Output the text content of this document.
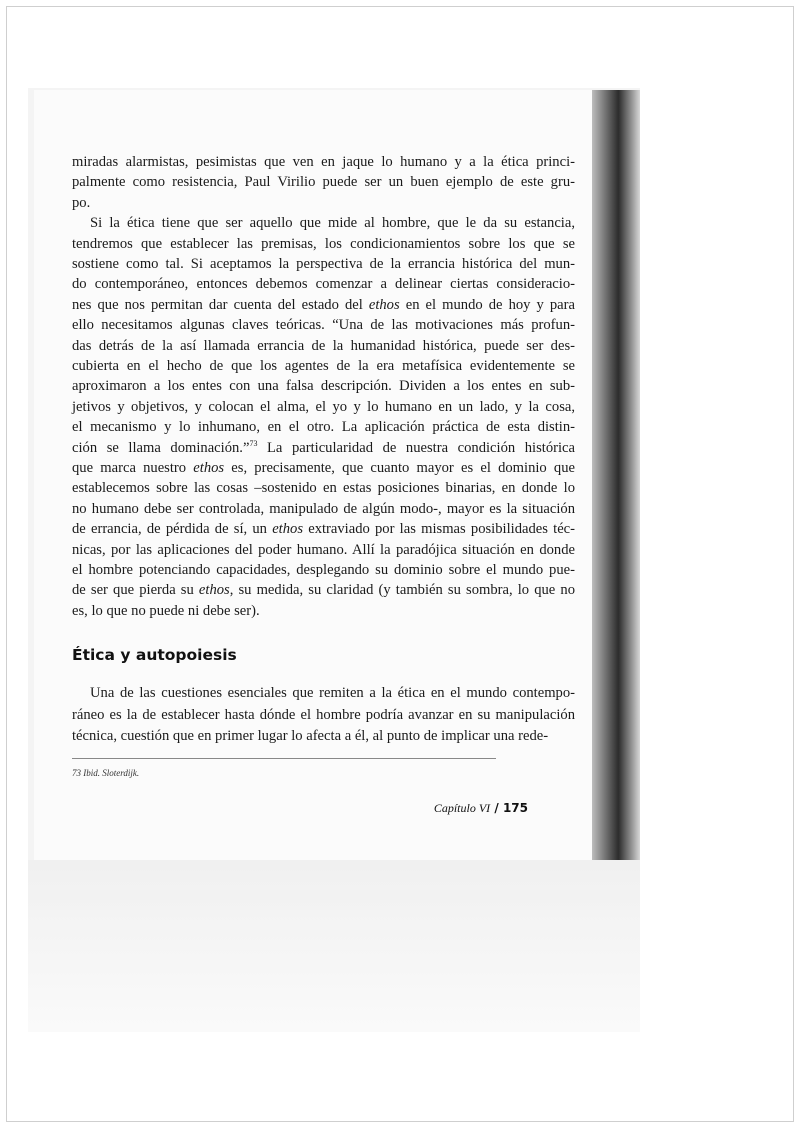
miradas alarmistas, pesimistas que ven en jaque lo humano y a la ética princi-
palmente como resistencia, Paul Virilio puede ser un buen ejemplo de este gru-
po.
Si la ética tiene que ser aquello que mide al hombre, que le da su estancia,
tendremos que establecer las premisas, los condicionamientos sobre los que se
sostiene como tal. Si aceptamos la perspectiva de la errancia histórica del mun-
do contemporáneo, entonces debemos comenzar a delinear ciertas consideracio-
nes que nos permitan dar cuenta del estado del ethos en el mundo de hoy y para
ello necesitamos algunas claves teóricas. “Una de las motivaciones más profun-
das detrás de la así llamada errancia de la humanidad histórica, puede ser des-
cubierta en el hecho de que los agentes de la era metafísica evidentemente se
aproximaron a los entes con una falsa descripción. Dividen a los entes en sub-
jetivos y objetivos, y colocan el alma, el yo y lo humano en un lado, y la cosa,
el mecanismo y lo inhumano, en el otro. La aplicación práctica de esta distin-
ción se llama dominación.”$^{73}$ La particularidad de nuestra condición histórica
que marca nuestro ethos es, precisamente, que cuanto mayor es el dominio que
establecemos sobre las cosas –sostenido en estas posiciones binarias, en donde lo
no humano debe ser controlada, manipulado de algún modo-, mayor es la situación
de errancia, de pérdida de sí, un ethos extraviado por las mismas posibilidades téc-
nicas, por las aplicaciones del poder humano. Allí la paradójica situación en donde
el hombre potenciando capacidades, desplegando su dominio sobre el mundo pue-
de ser que pierda su ethos, su medida, su claridad (y también su sombra, lo que no
es, lo que no puede ni debe ser).
Una de las cuestiones esenciales que remiten a la ética en el mundo contempo-
ráneo es la de establecer hasta dónde el hombre podría avanzar en su manipulación
técnica, cuestión que en primer lugar lo afecta a él, al punto de implicar una rede-
Ética y autopoiesis
73 Ibid. Sloterdijk.
Capítulo VI / 175
